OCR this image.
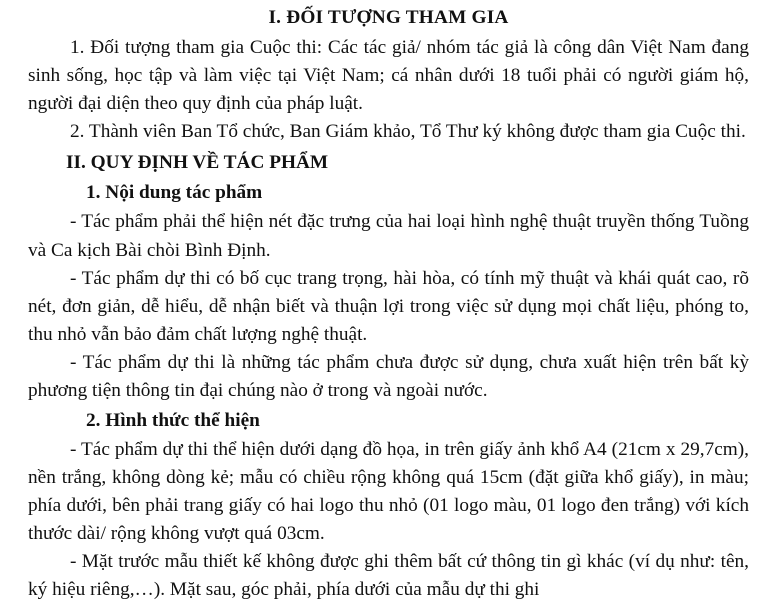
I. ĐỐI TƯỢNG THAM GIA

1. Đối tượng tham gia Cuộc thi: Các tác giả/ nhóm tác giả là công dân Việt Nam đang sinh sống, học tập và làm việc tại Việt Nam; cá nhân dưới 18 tuổi phải có người giám hộ, người đại diện theo quy định của pháp luật.

2. Thành viên Ban Tổ chức, Ban Giám khảo, Tổ Thư ký không được tham gia Cuộc thi.

II. QUY ĐỊNH VỀ TÁC PHẨM
1. Nội dung tác phẩm

- Tác phẩm phải thể hiện nét đặc trưng của hai loại hình nghệ thuật truyền thống Tuồng và Ca kịch Bài chòi Bình Định.

- Tác phẩm dự thi có bố cục trang trọng, hài hòa, có tính mỹ thuật và khái quát cao, rõ nét, đơn giản, dễ hiểu, dễ nhận biết và thuận lợi trong việc sử dụng mọi chất liệu, phóng to, thu nhỏ vẫn bảo đảm chất lượng nghệ thuật.

- Tác phẩm dự thi là những tác phẩm chưa được sử dụng, chưa xuất hiện trên bất kỳ phương tiện thông tin đại chúng nào ở trong và ngoài nước.

2. Hình thức thể hiện

- Tác phẩm dự thi thể hiện dưới dạng đồ họa, in trên giấy ảnh khổ A4 (21cm x 29,7cm), nền trắng, không dòng kẻ; mẫu có chiều rộng không quá 15cm (đặt giữa khổ giấy), in màu; phía dưới, bên phải trang giấy có hai logo thu nhỏ (01 logo màu, 01 logo đen trắng) với kích thước dài/ rộng không vượt quá 03cm.

- Mặt trước mẫu thiết kế không được ghi thêm bất cứ thông tin gì khác (ví dụ như: tên, ký hiệu riêng,…). Mặt sau, góc phải, phía dưới của mẫu dự thi ghi
